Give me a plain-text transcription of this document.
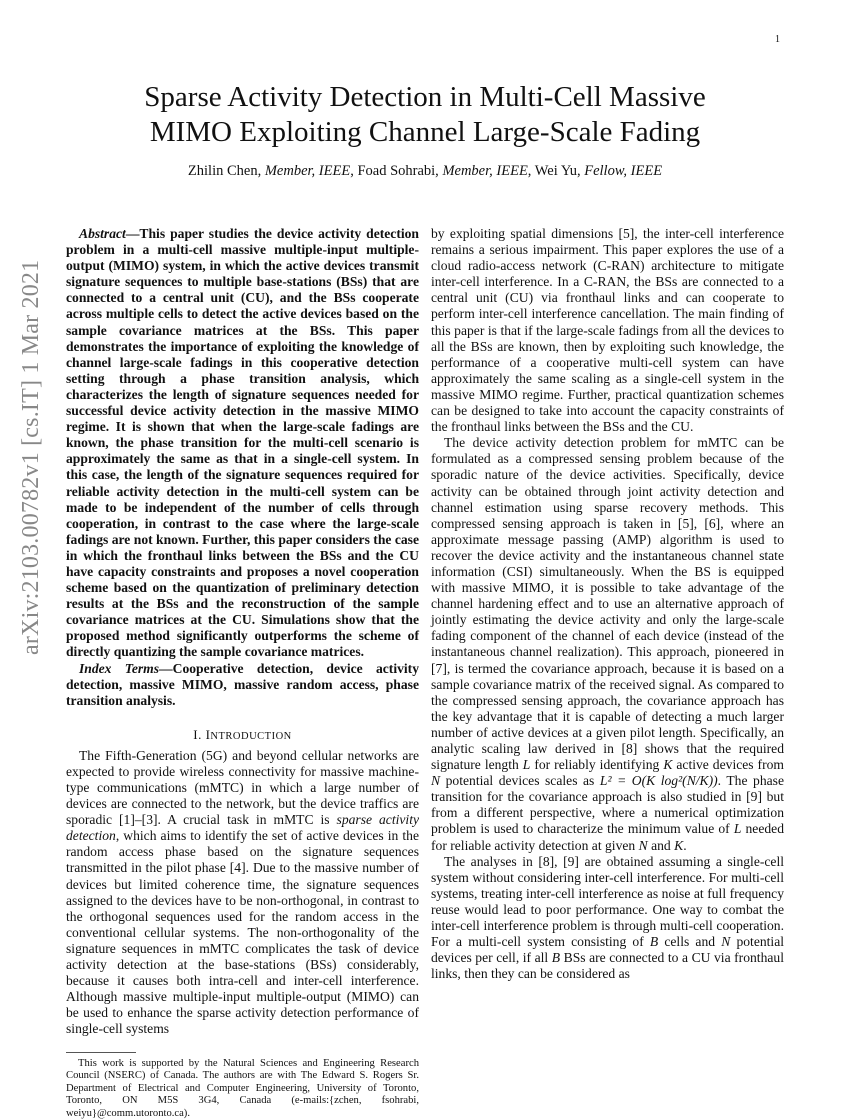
1
arXiv:2103.00782v1 [cs.IT] 1 Mar 2021
Sparse Activity Detection in Multi-Cell Massive
MIMO Exploiting Channel Large-Scale Fading
Zhilin Chen, Member, IEEE, Foad Sohrabi, Member, IEEE, Wei Yu, Fellow, IEEE

Abstract—This paper studies the device activity detection problem in a multi-cell massive multiple-input multiple-output (MIMO) system, in which the active devices transmit signature sequences to multiple base-stations (BSs) that are connected to a central unit (CU), and the BSs cooperate across multiple cells to detect the active devices based on the sample covariance matrices at the BSs. This paper demonstrates the importance of exploiting the knowledge of channel large-scale fadings in this cooperative detection setting through a phase transition analysis, which characterizes the length of signature sequences needed for successful device activity detection in the massive MIMO regime. It is shown that when the large-scale fadings are known, the phase transition for the multi-cell scenario is approximately the same as that in a single-cell system. In this case, the length of the signature sequences required for reliable activity detection in the multi-cell system can be made to be independent of the number of cells through cooperation, in contrast to the case where the large-scale fadings are not known. Further, this paper considers the case in which the fronthaul links between the BSs and the CU have capacity constraints and proposes a novel cooperation scheme based on the quantization of preliminary detection results at the BSs and the reconstruction of the sample covariance matrices at the CU. Simulations show that the proposed method significantly outperforms the scheme of directly quantizing the sample covariance matrices.

Index Terms—Cooperative detection, device activity detection, massive MIMO, massive random access, phase transition analysis.

I. INTRODUCTION

The Fifth-Generation (5G) and beyond cellular networks are expected to provide wireless connectivity for massive machine-type communications (mMTC) in which a large number of devices are connected to the network, but the device traffics are sporadic [1]–[3]. A crucial task in mMTC is sparse activity detection, which aims to identify the set of active devices in the random access phase based on the signature sequences transmitted in the pilot phase [4]. Due to the massive number of devices but limited coherence time, the signature sequences assigned to the devices have to be non-orthogonal, in contrast to the orthogonal sequences used for the random access in the conventional cellular systems. The non-orthogonality of the signature sequences in mMTC complicates the task of device activity detection at the base-stations (BSs) considerably, because it causes both intra-cell and inter-cell interference. Although massive multiple-input multiple-output (MIMO) can be used to enhance the sparse activity detection performance of single-cell systems

This work is supported by the Natural Sciences and Engineering Research Council (NSERC) of Canada. The authors are with The Edward S. Rogers Sr. Department of Electrical and Computer Engineering, University of Toronto, Toronto, ON M5S 3G4, Canada (e-mails:{zchen, fsohrabi, weiyu}@comm.utoronto.ca).

by exploiting spatial dimensions [5], the inter-cell interference remains a serious impairment. This paper explores the use of a cloud radio-access network (C-RAN) architecture to mitigate inter-cell interference. In a C-RAN, the BSs are connected to a central unit (CU) via fronthaul links and can cooperate to perform inter-cell interference cancellation. The main finding of this paper is that if the large-scale fadings from all the devices to all the BSs are known, then by exploiting such knowledge, the performance of a cooperative multi-cell system can have approximately the same scaling as a single-cell system in the massive MIMO regime. Further, practical quantization schemes can be designed to take into account the capacity constraints of the fronthaul links between the BSs and the CU.

The device activity detection problem for mMTC can be formulated as a compressed sensing problem because of the sporadic nature of the device activities. Specifically, device activity can be obtained through joint activity detection and channel estimation using sparse recovery methods. This compressed sensing approach is taken in [5], [6], where an approximate message passing (AMP) algorithm is used to recover the device activity and the instantaneous channel state information (CSI) simultaneously. When the BS is equipped with massive MIMO, it is possible to take advantage of the channel hardening effect and to use an alternative approach of jointly estimating the device activity and only the large-scale fading component of the channel of each device (instead of the instantaneous channel realization). This approach, pioneered in [7], is termed the covariance approach, because it is based on a sample covariance matrix of the received signal. As compared to the compressed sensing approach, the covariance approach has the key advantage that it is capable of detecting a much larger number of active devices at a given pilot length. Specifically, an analytic scaling law derived in [8] shows that the required signature length L for reliably identifying K active devices from N potential devices scales as L² = O(K log²(N/K)). The phase transition for the covariance approach is also studied in [9] but from a different perspective, where a numerical optimization problem is used to characterize the minimum value of L needed for reliable activity detection at given N and K.

The analyses in [8], [9] are obtained assuming a single-cell system without considering inter-cell interference. For multi-cell systems, treating inter-cell interference as noise at full frequency reuse would lead to poor performance. One way to combat the inter-cell interference problem is through multi-cell cooperation. For a multi-cell system consisting of B cells and N potential devices per cell, if all B BSs are connected to a CU via fronthaul links, then they can be considered as
